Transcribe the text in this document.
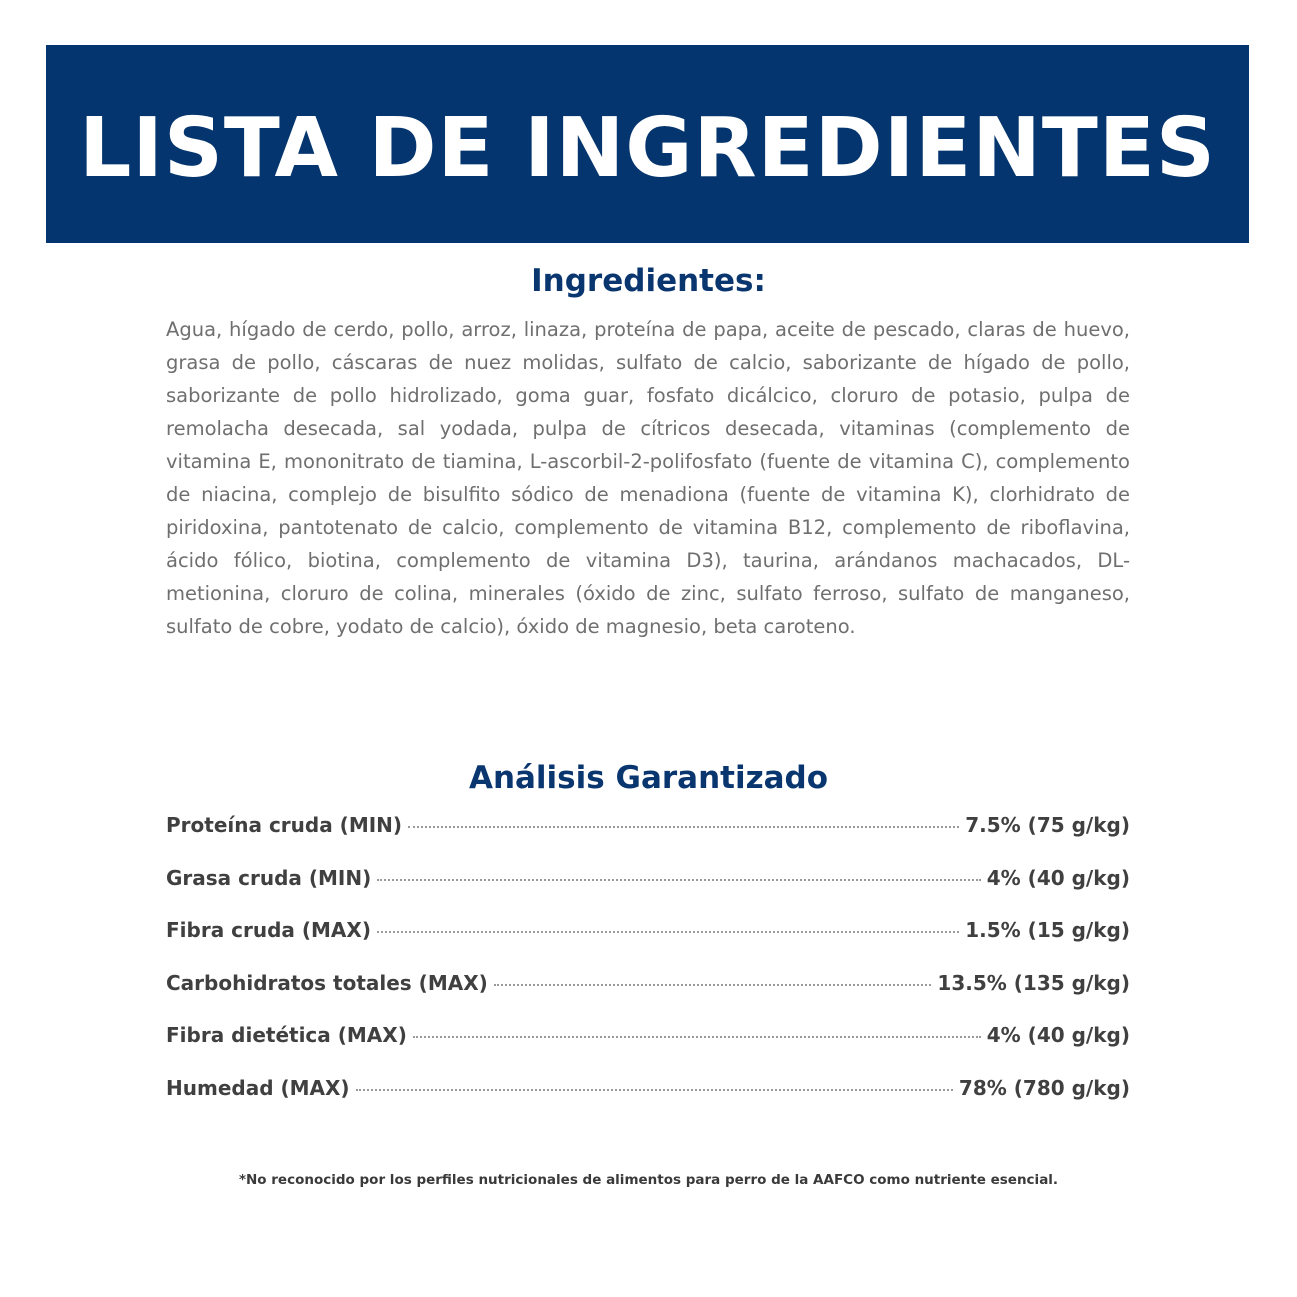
LISTA DE INGREDIENTES
Ingredientes:

Agua, hígado de cerdo, pollo, arroz, linaza, proteína de papa, aceite de pescado, claras de huevo, grasa de pollo, cáscaras de nuez molidas, sulfato de calcio, saborizante de hígado de pollo, saborizante de pollo hidrolizado, goma guar, fosfato dicálcico, cloruro de potasio, pulpa de remolacha desecada, sal yodada, pulpa de cítricos desecada, vitaminas (complemento de vitamina E, mononitrato de tiamina, L-ascorbil-2-polifosfato (fuente de vitamina C), complemento de niacina, complejo de bisulfito sódico de menadiona (fuente de vitamina K), clorhidrato de piridoxina, pantotenato de calcio, complemento de vitamina B12, complemento de riboflavina, ácido fólico, biotina, complemento de vitamina D3), taurina, arándanos machacados, DL-metionina, cloruro de colina, minerales (óxido de zinc, sulfato ferroso, sulfato de manganeso, sulfato de cobre, yodato de calcio), óxido de magnesio, beta caroteno.

Análisis Garantizado
Proteína cruda (MIN)	7.5% (75 g/kg)
Grasa cruda (MIN)	4% (40 g/kg)
Fibra cruda (MAX)	1.5% (15 g/kg)
Carbohidratos totales (MAX)	13.5% (135 g/kg)
Fibra dietética (MAX)	4% (40 g/kg)
Humedad (MAX)	78% (780 g/kg)
*No reconocido por los perfiles nutricionales de alimentos para perro de la AAFCO como nutriente esencial.
